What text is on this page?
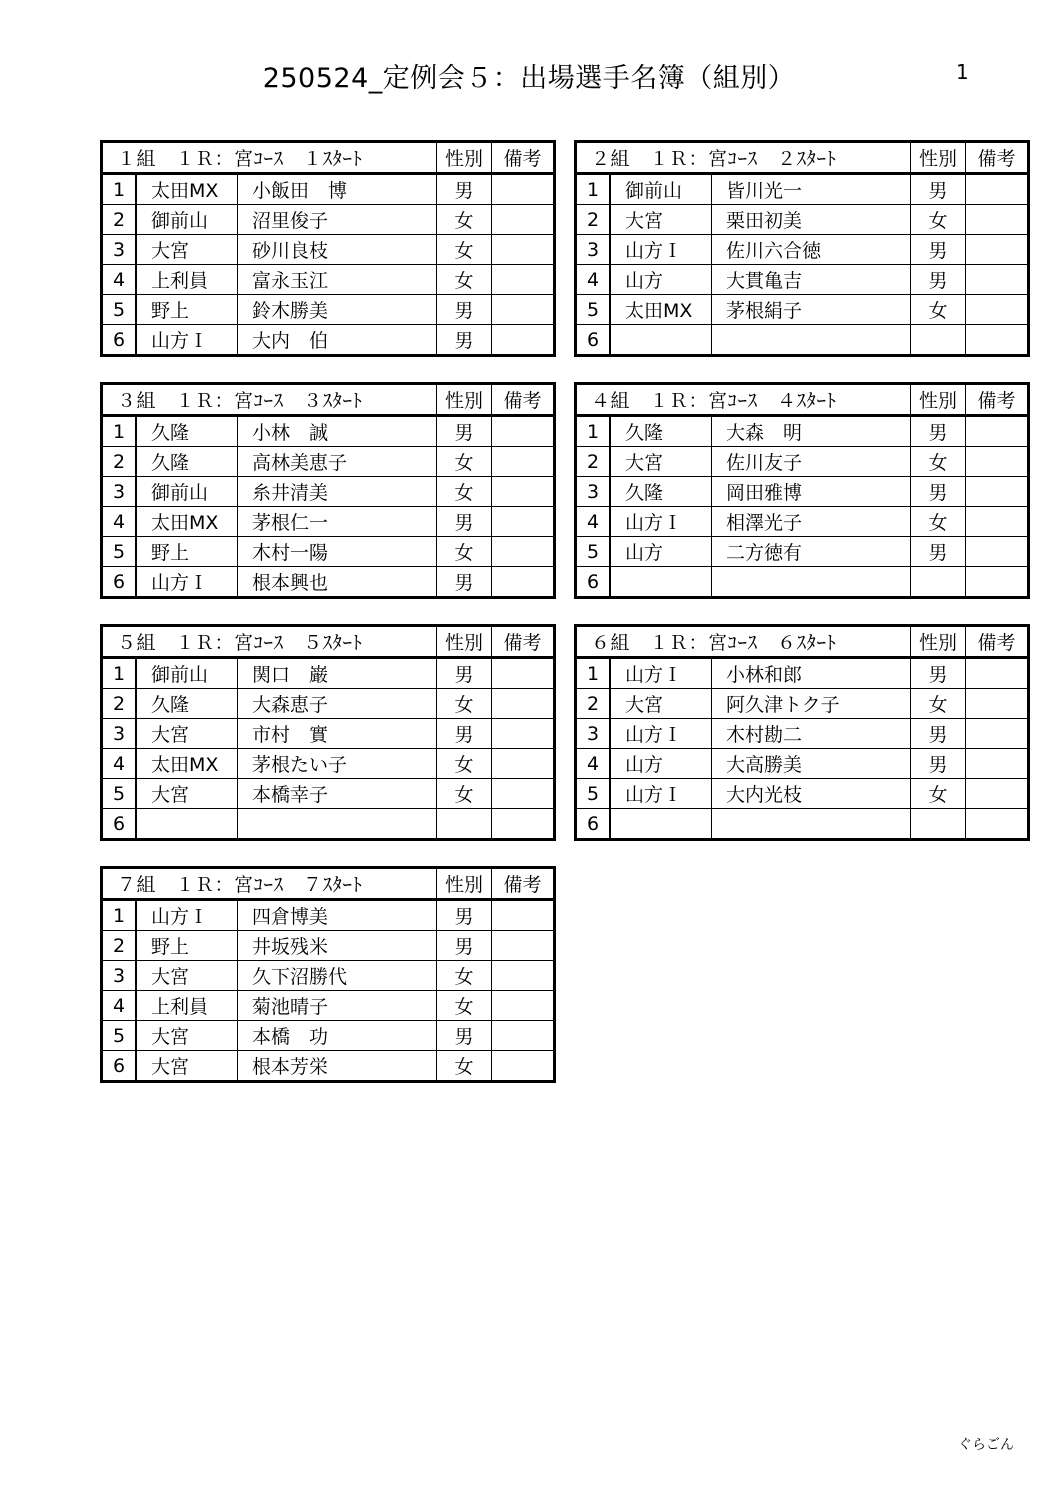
250524_定例会５：出場選手名簿（組別）	1
１組　１Ｒ：宮ｺｰｽ　１ｽﾀｰﾄ			性別	備考
1	太田MX	小飯田　博	男	
2	御前山	沼里俊子	女	
3	大宮	砂川良枝	女	
4	上利員	富永玉江	女	
5	野上	鈴木勝美	男	
6	山方Ｉ	大内　伯	男	
２組　１Ｒ：宮ｺｰｽ　２ｽﾀｰﾄ			性別	備考
1	御前山	皆川光一	男	
2	大宮	栗田初美	女	
3	山方Ｉ	佐川六合徳	男	
4	山方	大貫亀吉	男	
5	太田MX	茅根絹子	女	
6				
３組　１Ｒ：宮ｺｰｽ　３ｽﾀｰﾄ			性別	備考
1	久隆	小林　誠	男	
2	久隆	高林美恵子	女	
3	御前山	糸井清美	女	
4	太田MX	茅根仁一	男	
5	野上	木村一陽	女	
6	山方Ｉ	根本興也	男	
４組　１Ｒ：宮ｺｰｽ　４ｽﾀｰﾄ			性別	備考
1	久隆	大森　明	男	
2	大宮	佐川友子	女	
3	久隆	岡田雅博	男	
4	山方Ｉ	相澤光子	女	
5	山方	二方徳有	男	
6				
５組　１Ｒ：宮ｺｰｽ　５ｽﾀｰﾄ			性別	備考
1	御前山	関口　巌	男	
2	久隆	大森恵子	女	
3	大宮	市村　實	男	
4	太田MX	茅根たい子	女	
5	大宮	本橋幸子	女	
6				
６組　１Ｒ：宮ｺｰｽ　６ｽﾀｰﾄ			性別	備考
1	山方Ｉ	小林和郎	男	
2	大宮	阿久津トク子	女	
3	山方Ｉ	木村勘二	男	
4	山方	大高勝美	男	
5	山方Ｉ	大内光枝	女	
6				
７組　１Ｒ：宮ｺｰｽ　７ｽﾀｰﾄ			性別	備考
1	山方Ｉ	四倉博美	男	
2	野上	井坂残米	男	
3	大宮	久下沼勝代	女	
4	上利員	菊池晴子	女	
5	大宮	本橋　功	男	
6	大宮	根本芳栄	女	
ぐらごん
